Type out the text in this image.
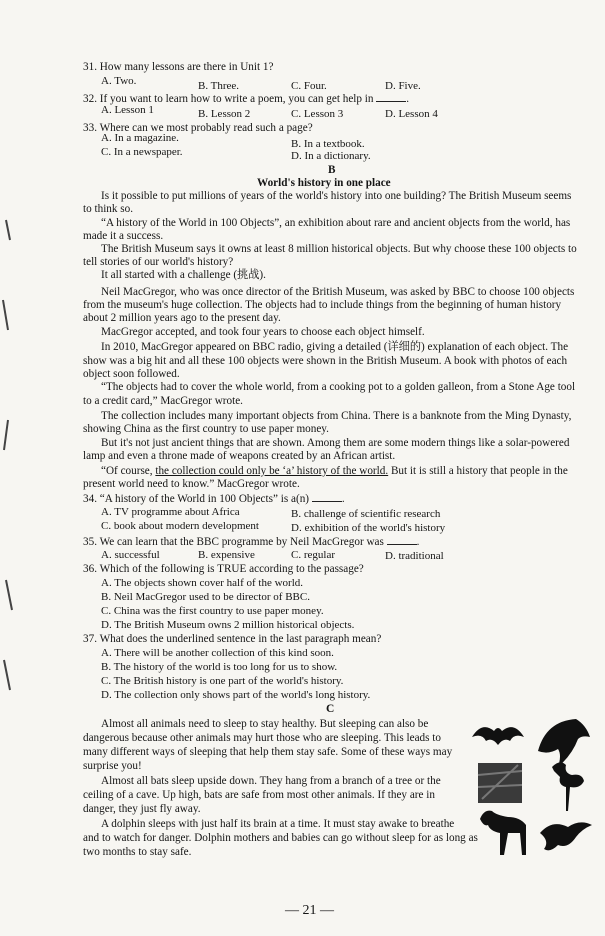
31. How many lessons are there in Unit 1?
A. Two.	B. Three.	C. Four.	D. Five.
32. If you want to learn how to write a poem, you can get help in	.
A. Lesson 1	B. Lesson 2	C. Lesson 3	D. Lesson 4
33. Where can we most probably read such a page?
A. In a magazine.	B. In a textbook.
C. In a newspaper.	D. In a dictionary.
B
World's history in one place
Is it possible to put millions of years of the world's history into one building? The British Museum seems
to think so.
“A history of the World in 100 Objects”, an exhibition about rare and ancient objects from the world, has
made it a success.
The British Museum says it owns at least 8 million historical objects. But why choose these 100 objects to
tell stories of our world's history?
It all started with a challenge (挑战).
Neil MacGregor, who was once director of the British Museum, was asked by BBC to choose 100 objects
from the museum's huge collection. The objects had to include things from the beginning of human history
about 2 million years ago to the present day.
MacGregor accepted, and took four years to choose each object himself.
In 2010, MacGregor appeared on BBC radio, giving a detailed (详细的) explanation of each object. The
show was a big hit and all these 100 objects were shown in the British Museum. A book with photos of each
object soon followed.
“The objects had to cover the whole world, from a cooking pot to a golden galleon, from a Stone Age tool
to a credit card,” MacGregor wrote.
The collection includes many important objects from China. There is a banknote from the Ming Dynasty,
showing China as the first country to use paper money.
But it's not just ancient things that are shown. Among them are some modern things like a solar-powered
lamp and even a throne made of weapons created by an African artist.
“Of course, the collection could only be ‘a’ history of the world. But it is still a history that people in the
present world need to know.” MacGregor wrote.
34. “A history of the World in 100 Objects” is a(n)	.
A. TV programme about Africa	B. challenge of scientific research
C. book about modern development	D. exhibition of the world's history
35. We can learn that the BBC programme by Neil MacGregor was	.
A. successful	B. expensive	C. regular	D. traditional
36. Which of the following is TRUE according to the passage?
A. The objects shown cover half of the world.
B. Neil MacGregor used to be director of BBC.
C. China was the first country to use paper money.
D. The British Museum owns 2 million historical objects.
37. What does the underlined sentence in the last paragraph mean?
A. There will be another collection of this kind soon.
B. The history of the world is too long for us to show.
C. The British history is one part of the world's history.
D. The collection only shows part of the world's long history.
C
Almost all animals need to sleep to stay healthy. But sleeping can also be
dangerous because other animals may hurt those who are sleeping. This leads to
many different ways of sleeping that help them stay safe. Some of these ways may
surprise you!
Almost all bats sleep upside down. They hang from a branch of a tree or the
ceiling of a cave. Up high, bats are safe from most other animals. If they are in
danger, they just fly away.
A dolphin sleeps with just half its brain at a time. It must stay awake to breathe
and to watch for danger. Dolphin mothers and babies can go without sleep for as long as
two months to stay safe.
— 21 —
